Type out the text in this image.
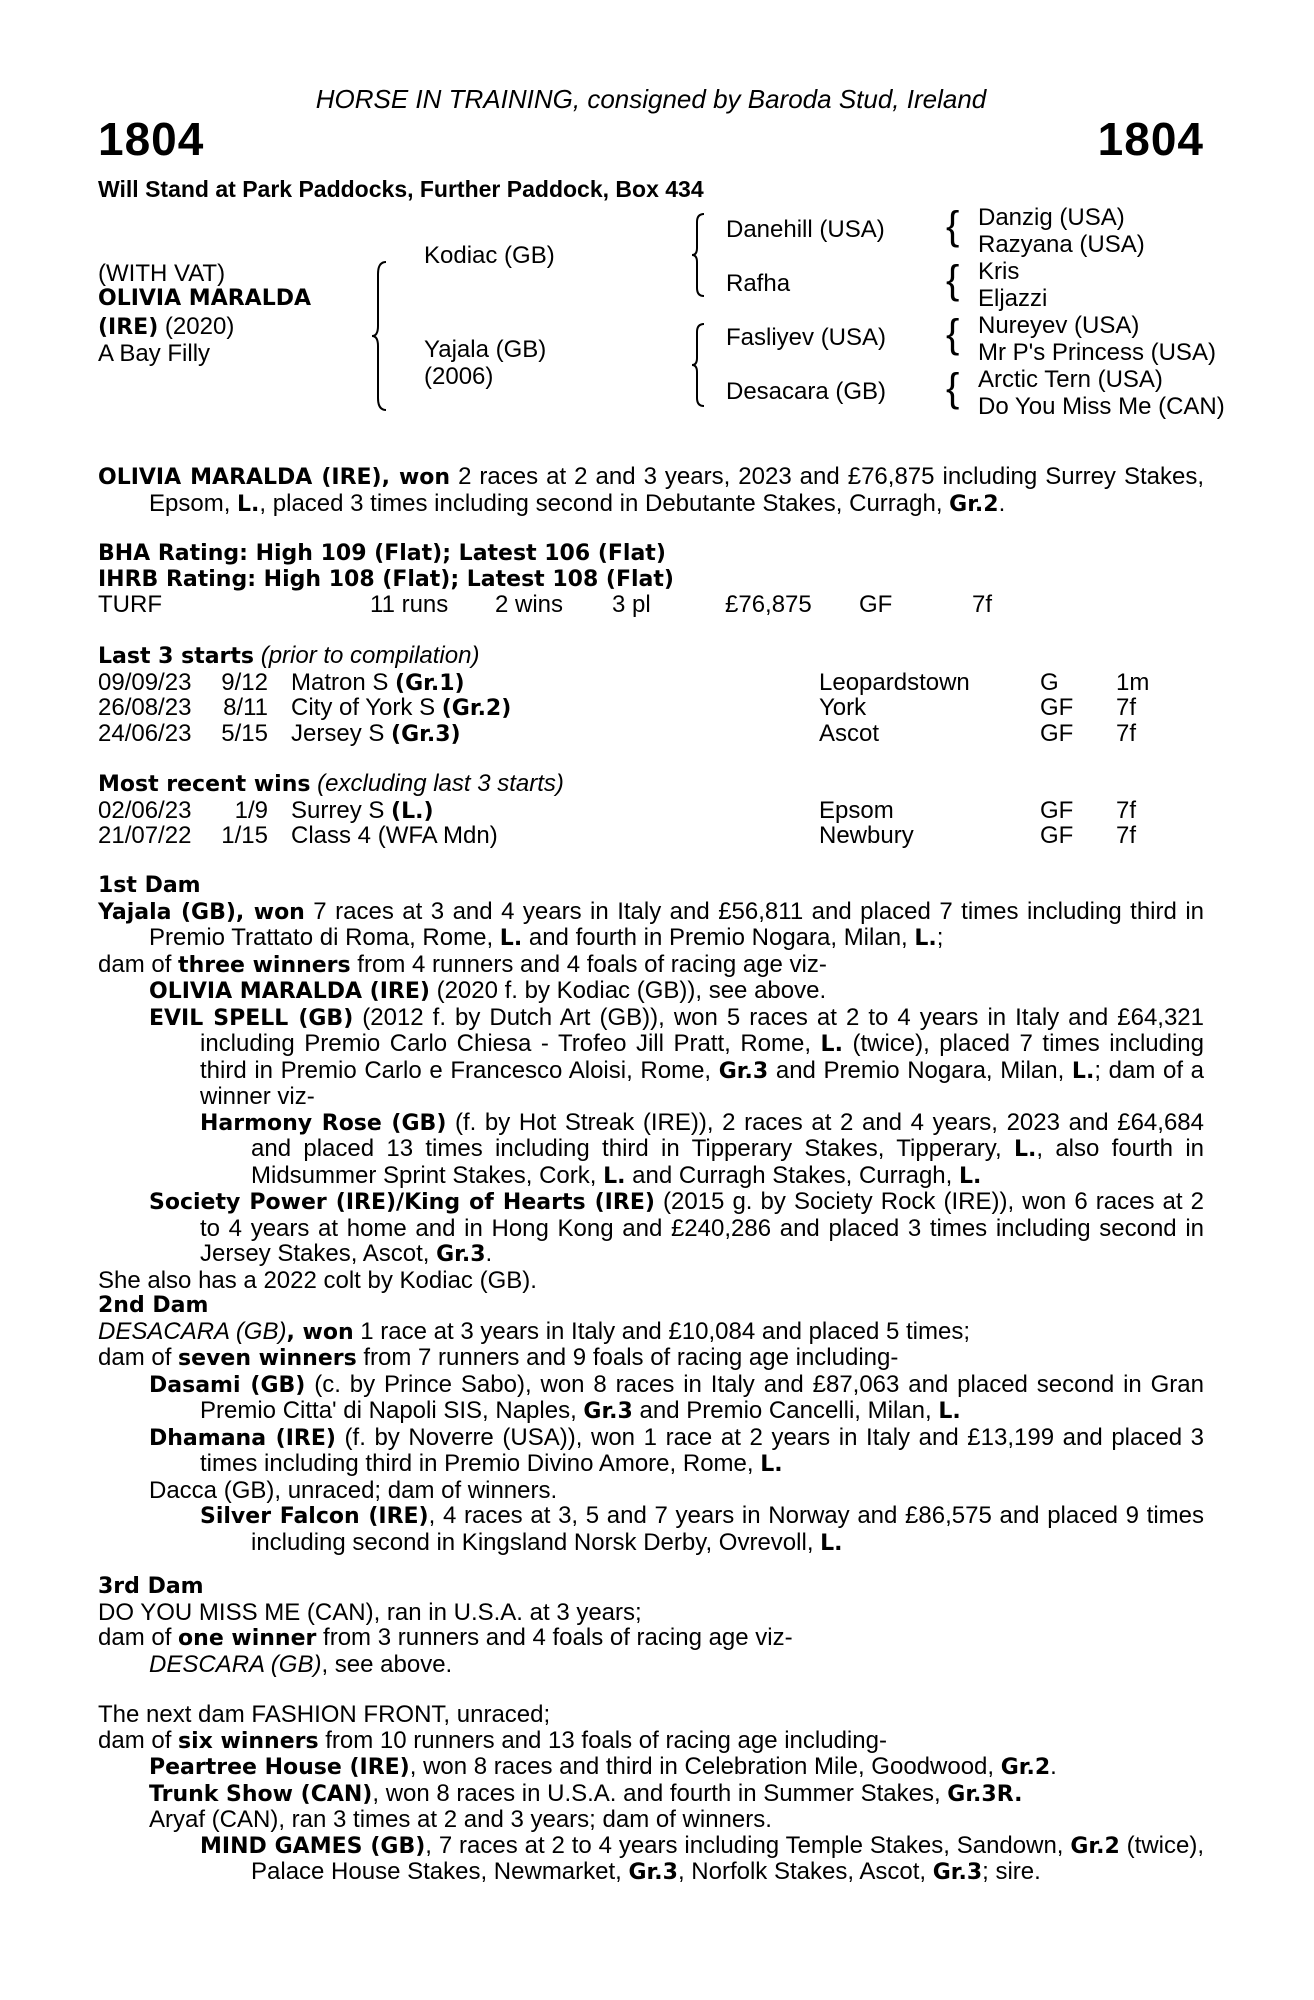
HORSE IN TRAINING, consigned by Baroda Stud, Ireland
1804	1804
Will Stand at Park Paddocks, Further Paddock, Box 434
(WITH VAT)
OLIVIA MARALDA
(IRE) (2020)
A Bay Filly
Kodiac (GB)
Yajala (GB)
(2006)
Danehill (USA)
Rafha
Fasliyev (USA)
Desacara (GB)
{
{
{
{
Danzig (USA)
Razyana (USA)
Kris
Eljazzi
Nureyev (USA)
Mr P's Princess (USA)
Arctic Tern (USA)
Do You Miss Me (CAN)

OLIVIA MARALDA (IRE), won 2 races at 2 and 3 years, 2023 and £76,875 including Surrey Stakes, Epsom, L., placed 3 times including second in Debutante Stakes, Curragh, Gr.2.

BHA Rating: High 109 (Flat); Latest 106 (Flat)

IHRB Rating: High 108 (Flat); Latest 108 (Flat)

TURF	11 runs 2 wins 3 pl	£76,875 GF	7f

Last 3 starts (prior to compilation)

09/09/23	9/12 Matron S (Gr.1)	Leopardstown	G 1m
26/08/23	8/11 City of York S (Gr.2)	York	GF 7f
24/06/23	5/15 Jersey S (Gr.3)	Ascot	GF 7f

Most recent wins (excluding last 3 starts)

02/06/23	1/9 Surrey S (L.)	Epsom	GF 7f
21/07/22	1/15 Class 4 (WFA Mdn)	Newbury	GF 7f

1st Dam

Yajala (GB), won 7 races at 3 and 4 years in Italy and £56,811 and placed 7 times including third in Premio Trattato di Roma, Rome, L. and fourth in Premio Nogara, Milan, L.;

dam of three winners from 4 runners and 4 foals of racing age viz-

OLIVIA MARALDA (IRE) (2020 f. by Kodiac (GB)), see above.

EVIL SPELL (GB) (2012 f. by Dutch Art (GB)), won 5 races at 2 to 4 years in Italy and £64,321 including Premio Carlo Chiesa - Trofeo Jill Pratt, Rome, L. (twice), placed 7 times including third in Premio Carlo e Francesco Aloisi, Rome, Gr.3 and Premio Nogara, Milan, L.; dam of a winner viz-

Harmony Rose (GB) (f. by Hot Streak (IRE)), 2 races at 2 and 4 years, 2023 and £64,684 and placed 13 times including third in Tipperary Stakes, Tipperary, L., also fourth in Midsummer Sprint Stakes, Cork, L. and Curragh Stakes, Curragh, L.

Society Power (IRE)/King of Hearts (IRE) (2015 g. by Society Rock (IRE)), won 6 races at 2 to 4 years at home and in Hong Kong and £240,286 and placed 3 times including second in Jersey Stakes, Ascot, Gr.3.

She also has a 2022 colt by Kodiac (GB).

2nd Dam

DESACARA (GB), won 1 race at 3 years in Italy and £10,084 and placed 5 times;

dam of seven winners from 7 runners and 9 foals of racing age including-

Dasami (GB) (c. by Prince Sabo), won 8 races in Italy and £87,063 and placed second in Gran Premio Citta' di Napoli SIS, Naples, Gr.3 and Premio Cancelli, Milan, L.

Dhamana (IRE) (f. by Noverre (USA)), won 1 race at 2 years in Italy and £13,199 and placed 3 times including third in Premio Divino Amore, Rome, L.

Dacca (GB), unraced; dam of winners.

Silver Falcon (IRE), 4 races at 3, 5 and 7 years in Norway and £86,575 and placed 9 times including second in Kingsland Norsk Derby, Ovrevoll, L.

3rd Dam

DO YOU MISS ME (CAN), ran in U.S.A. at 3 years;

dam of one winner from 3 runners and 4 foals of racing age viz-

DESCARA (GB), see above.

The next dam FASHION FRONT, unraced;

dam of six winners from 10 runners and 13 foals of racing age including-

Peartree House (IRE), won 8 races and third in Celebration Mile, Goodwood, Gr.2.

Trunk Show (CAN), won 8 races in U.S.A. and fourth in Summer Stakes, Gr.3R.

Aryaf (CAN), ran 3 times at 2 and 3 years; dam of winners.

MIND GAMES (GB), 7 races at 2 to 4 years including Temple Stakes, Sandown, Gr.2 (twice), Palace House Stakes, Newmarket, Gr.3, Norfolk Stakes, Ascot, Gr.3; sire.
